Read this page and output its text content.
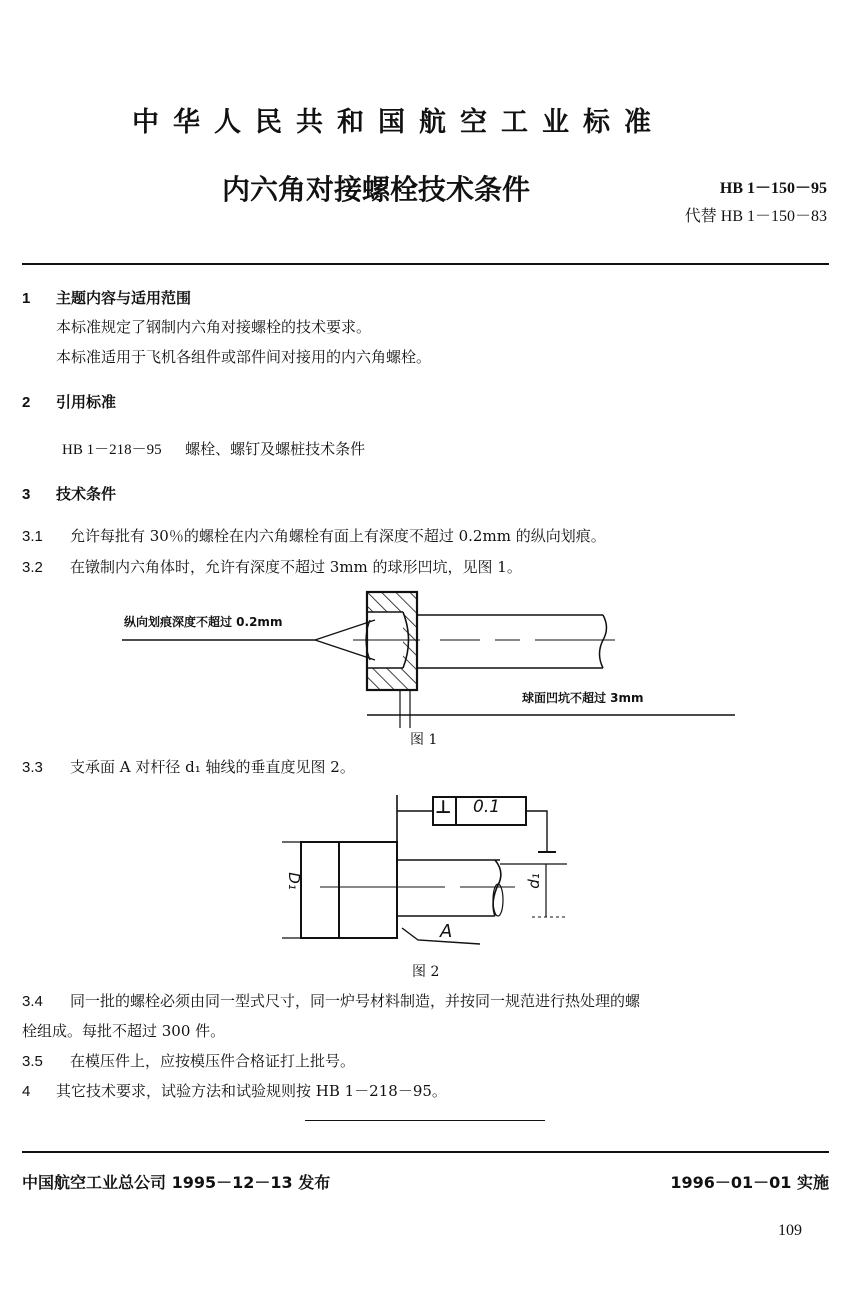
中华人民共和国航空工业标准
内六角对接螺栓技术条件	HB 1－150－95
代替 HB 1－150－83
1 主题内容与适用范围
本标准规定了钢制内六角对接螺栓的技术要求。
本标准适用于飞机各组件或部件间对接用的内六角螺栓。
2 引用标准
HB 1－218－95 螺栓、螺钉及螺桩技术条件
3 技术条件
3.1 允许每批有 30％的螺栓在内六角螺栓有面上有深度不超过 0.2mm 的纵向划痕。
3.2 在镦制内六角体时，允许有深度不超过 3mm 的球形凹坑，见图 1。
纵向划痕深度不超过 0.2mm
球面凹坑不超过 3mm
图 1
3.3 支承面 A 对杆径 d₁ 轴线的垂直度见图 2。
⊥ 0.1
D₁	d₁
A
图 2
3.4 同一批的螺栓必须由同一型式尺寸，同一炉号材料制造，并按同一规范进行热处理的螺
栓组成。每批不超过 300 件。
3.5 在模压件上，应按模压件合格证打上批号。
4 其它技术要求，试验方法和试验规则按 HB 1－218－95。
中国航空工业总公司 1995－12－13 发布	1996－01－01 实施
109
